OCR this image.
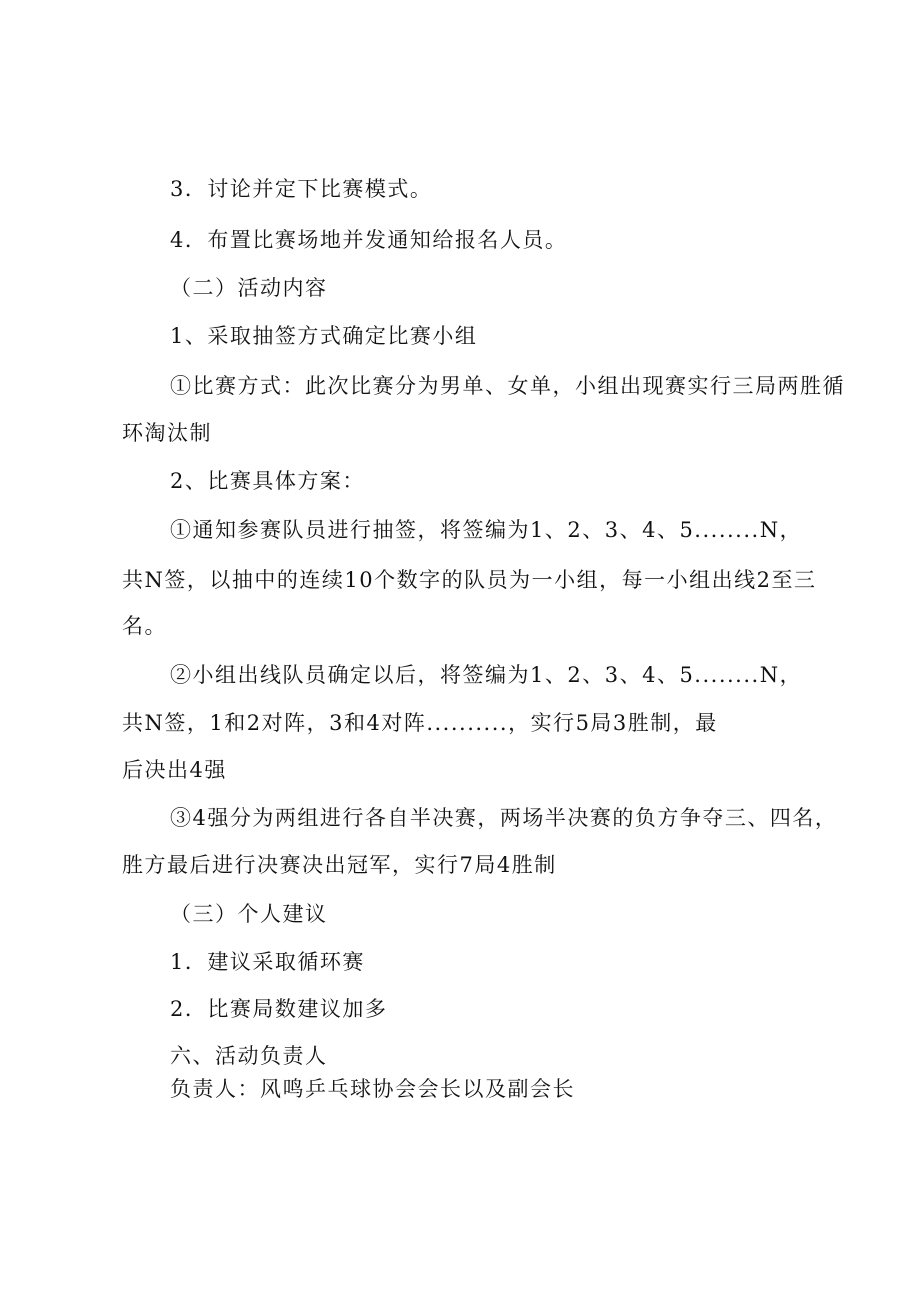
3．讨论并定下比赛模式。
4．布置比赛场地并发通知给报名人员。
（二）活动内容
1、采取抽签方式确定比赛小组
①比赛方式：此次比赛分为男单、女单，小组出现赛实行三局两胜循
环淘汰制
2、比赛具体方案：
①通知参赛队员进行抽签，将签编为1、2、3、4、5........N，
共N签，以抽中的连续10个数字的队员为一小组，每一小组出线2至三
名。
②小组出线队员确定以后，将签编为1、2、3、4、5........N，
共N签，1和2对阵，3和4对阵..........，实行5局3胜制，最
后决出4强
③4强分为两组进行各自半决赛，两场半决赛的负方争夺三、四名，
胜方最后进行决赛决出冠军，实行7局4胜制
（三）个人建议
1．建议采取循环赛
2．比赛局数建议加多
六、活动负责人
负责人：风鸣乒乓球协会会长以及副会长
